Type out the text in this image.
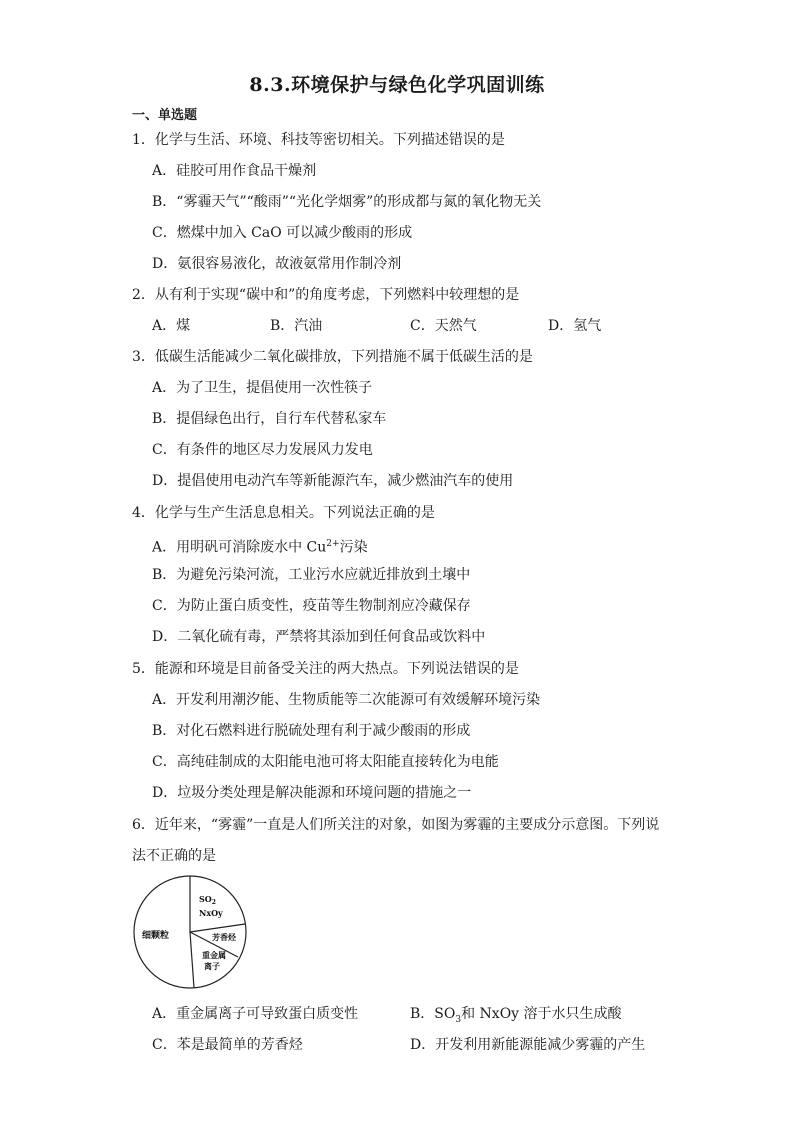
8.3.环境保护与绿色化学巩固训练
一、单选题
1．化学与生活、环境、科技等密切相关。下列描述错误的是
A．硅胶可用作食品干燥剂
B．“雾霾天气”“酸雨”“光化学烟雾”的形成都与氮的氧化物无关
C．燃煤中加入 CaO 可以减少酸雨的形成
D．氨很容易液化，故液氨常用作制冷剂
2．从有利于实现“碳中和”的角度考虑，下列燃料中较理想的是
A．煤	B．汽油	C．天然气	D．氢气
3．低碳生活能减少二氧化碳排放，下列措施不属于低碳生活的是
A．为了卫生，提倡使用一次性筷子
B．提倡绿色出行，自行车代替私家车
C．有条件的地区尽力发展风力发电
D．提倡使用电动汽车等新能源汽车，减少燃油汽车的使用
4．化学与生产生活息息相关。下列说法正确的是
A．用明矾可消除废水中 $Cu^{2+}$污染
B．为避免污染河流，工业污水应就近排放到土壤中
C．为防止蛋白质变性，疫苗等生物制剂应冷藏保存
D．二氧化硫有毒，严禁将其添加到任何食品或饮料中
5．能源和环境是目前备受关注的两大热点。下列说法错误的是
A．开发利用潮汐能、生物质能等二次能源可有效缓解环境污染
B．对化石燃料进行脱硫处理有利于减少酸雨的形成
C．高纯硅制成的太阳能电池可将太阳能直接转化为电能
D．垃圾分类处理是解决能源和环境问题的措施之一
6．近年来，“雾霾”一直是人们所关注的对象，如图为雾霾的主要成分示意图。下列说
法不正确的是
$SO_2$
NxOy
芳香烃
重金属
离子
细颗粒
A．重金属离子可导致蛋白质变性	B．$SO_3$和 NxOy 溶于水只生成酸
C．苯是最简单的芳香烃	D．开发利用新能源能减少雾霾的产生
